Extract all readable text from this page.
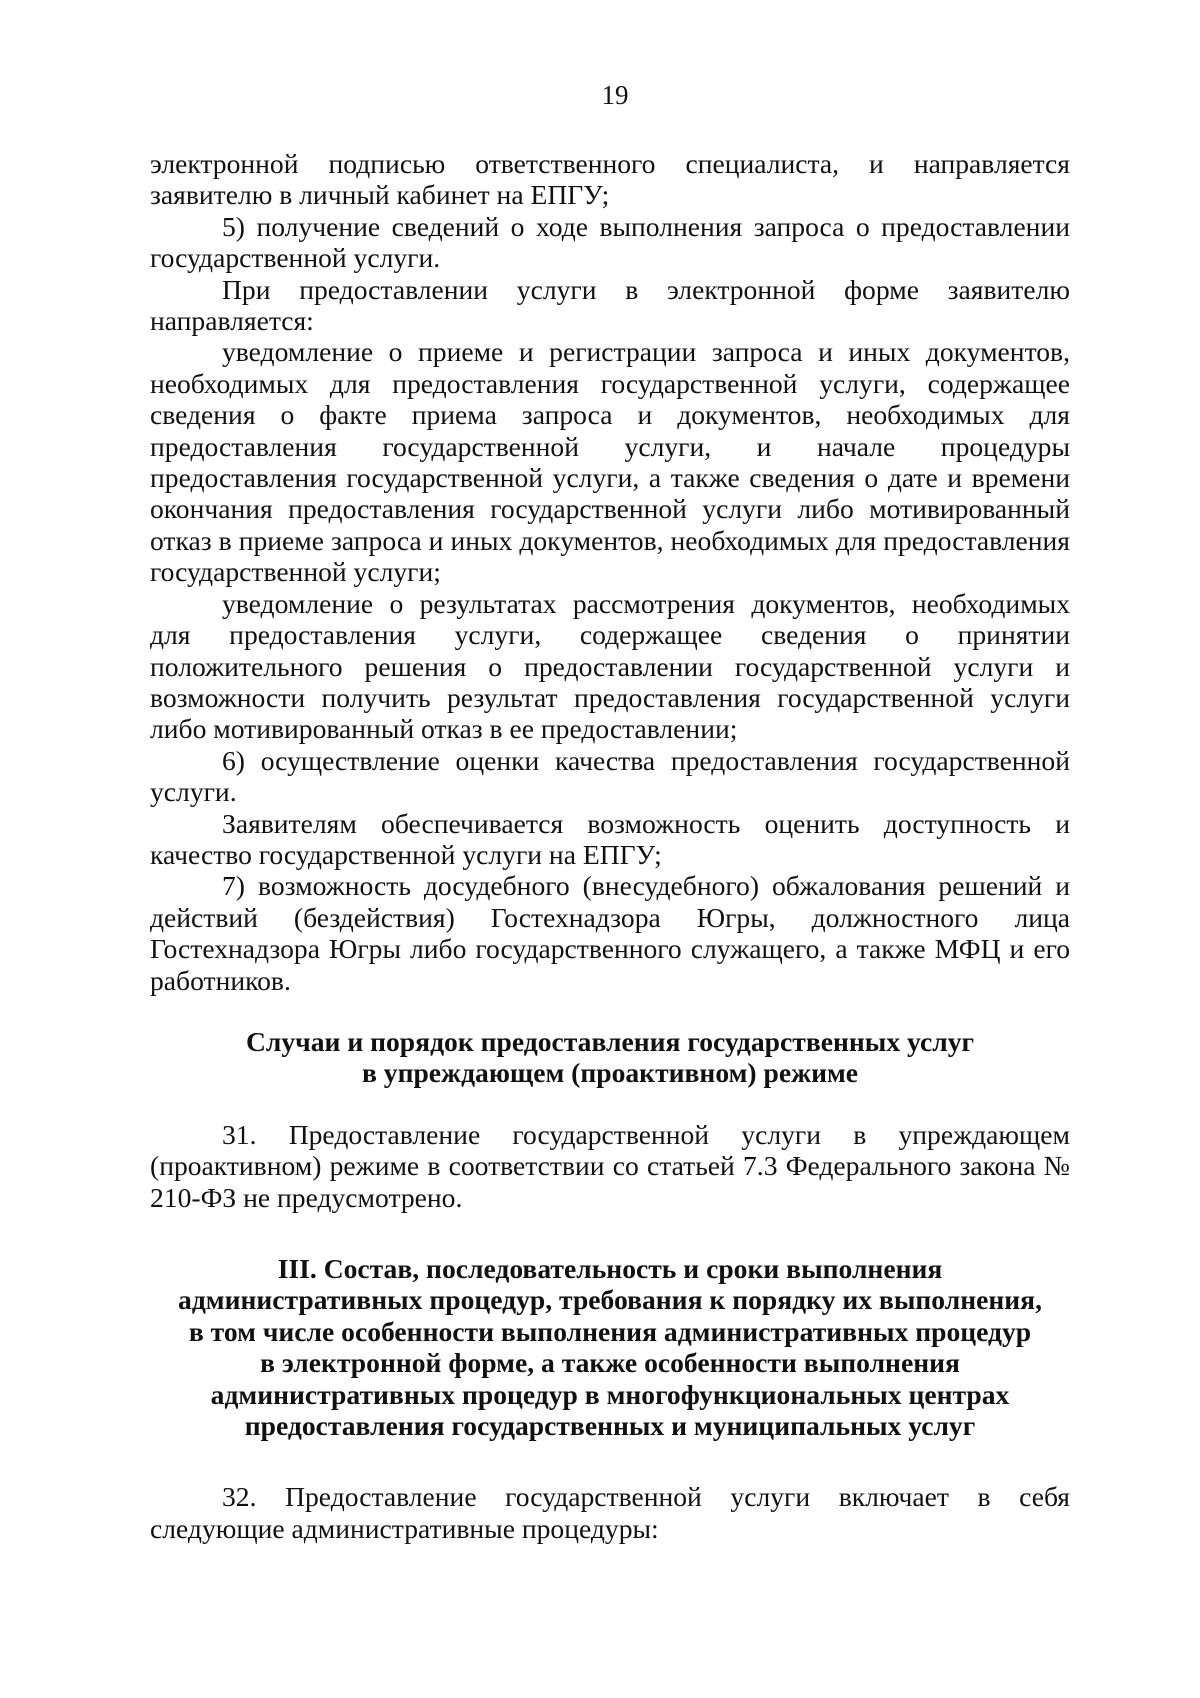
19

электронной подписью ответственного специалиста, и направляется заявителю в личный кабинет на ЕПГУ;

5) получение сведений о ходе выполнения запроса о предоставлении государственной услуги.

При предоставлении услуги в электронной форме заявителю направляется:

уведомление о приеме и регистрации запроса и иных документов, необходимых для предоставления государственной услуги, содержащее сведения о факте приема запроса и документов, необходимых для предоставления государственной услуги, и начале процедуры предоставления государственной услуги, а также сведения о дате и времени окончания предоставления государственной услуги либо мотивированный отказ в приеме запроса и иных документов, необходимых для предоставления государственной услуги;

уведомление о результатах рассмотрения документов, необходимых для предоставления услуги, содержащее сведения о принятии положительного решения о предоставлении государственной услуги и возможности получить результат предоставления государственной услуги либо мотивированный отказ в ее предоставлении;

6) осуществление оценки качества предоставления государственной услуги.

Заявителям обеспечивается возможность оценить доступность и качество государственной услуги на ЕПГУ;

7) возможность досудебного (внесудебного) обжалования решений и действий (бездействия) Гостехнадзора Югры, должностного лица Гостехнадзора Югры либо государственного служащего, а также МФЦ и его работников.

Случаи и порядок предоставления государственных услуг
в упреждающем (проактивном) режиме

31. Предоставление государственной услуги в упреждающем (проактивном) режиме в соответствии со статьей 7.3 Федерального закона № 210-ФЗ не предусмотрено.

III. Состав, последовательность и сроки выполнения
административных процедур, требования к порядку их выполнения,
в том числе особенности выполнения административных процедур
в электронной форме, а также особенности выполнения
административных процедур в многофункциональных центрах
предоставления государственных и муниципальных услуг

32. Предоставление государственной услуги включает в себя следующие административные процедуры:
